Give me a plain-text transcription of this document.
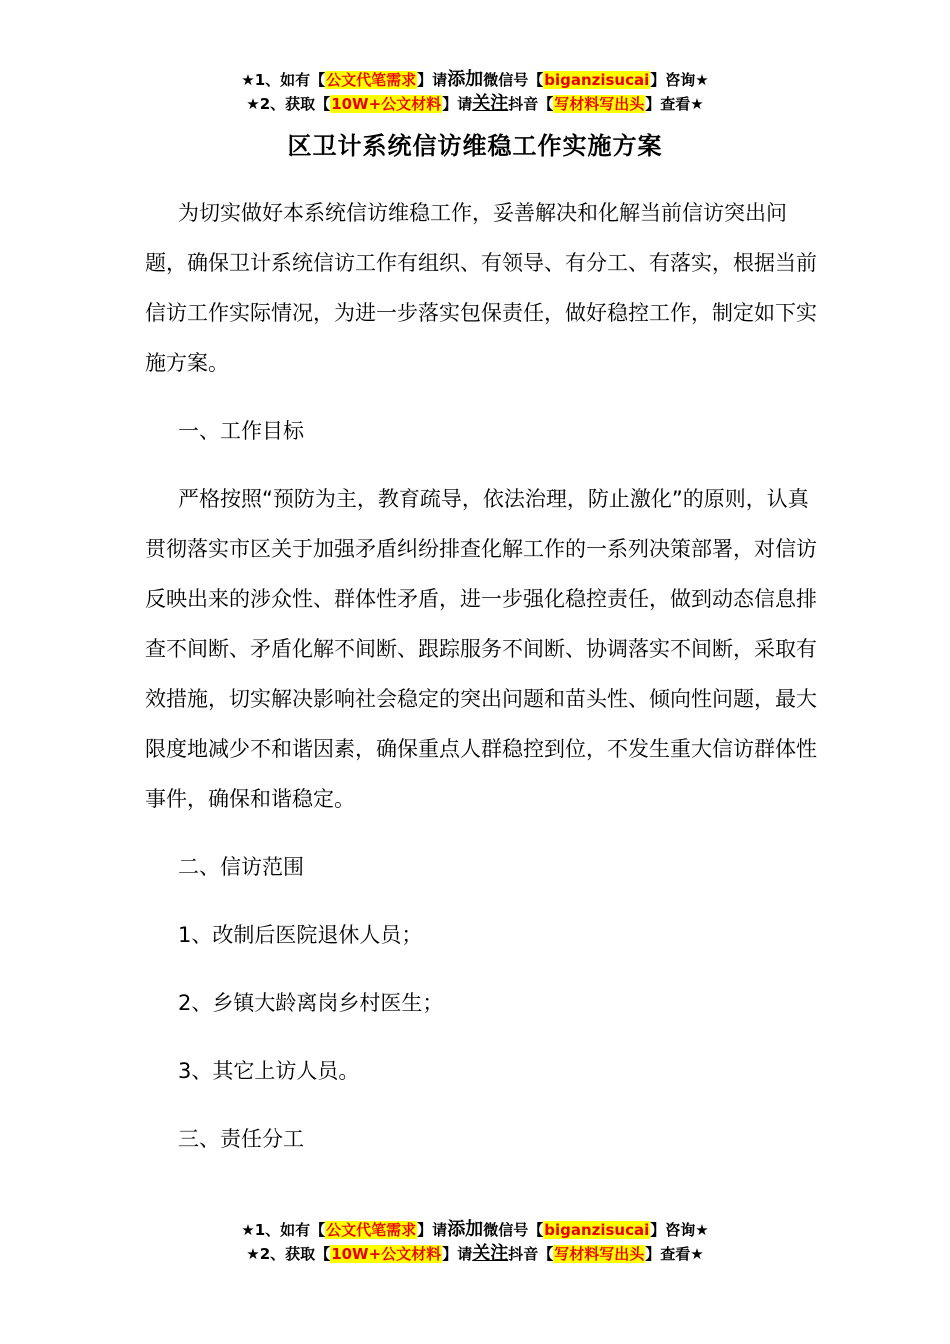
★1、如有【公文代笔需求】请添加微信号【biganzisucai】咨询★
★2、获取【10W+公文材料】请关注抖音【写材料写出头】查看★
区卫计系统信访维稳工作实施方案

为切实做好本系统信访维稳工作，妥善解决和化解当前信访突出问题，确保卫计系统信访工作有组织、有领导、有分工、有落实，根据当前信访工作实际情况，为进一步落实包保责任，做好稳控工作，制定如下实施方案。

一、工作目标

严格按照“预防为主，教育疏导，依法治理，防止激化”的原则，认真贯彻落实市区关于加强矛盾纠纷排查化解工作的一系列决策部署，对信访反映出来的涉众性、群体性矛盾，进一步强化稳控责任，做到动态信息排查不间断、矛盾化解不间断、跟踪服务不间断、协调落实不间断，采取有效措施，切实解决影响社会稳定的突出问题和苗头性、倾向性问题，最大限度地减少不和谐因素，确保重点人群稳控到位，不发生重大信访群体性事件，确保和谐稳定。

二、信访范围

1、改制后医院退休人员；

2、乡镇大龄离岗乡村医生；

3、其它上访人员。

三、责任分工

★1、如有【公文代笔需求】请添加微信号【biganzisucai】咨询★
★2、获取【10W+公文材料】请关注抖音【写材料写出头】查看★
